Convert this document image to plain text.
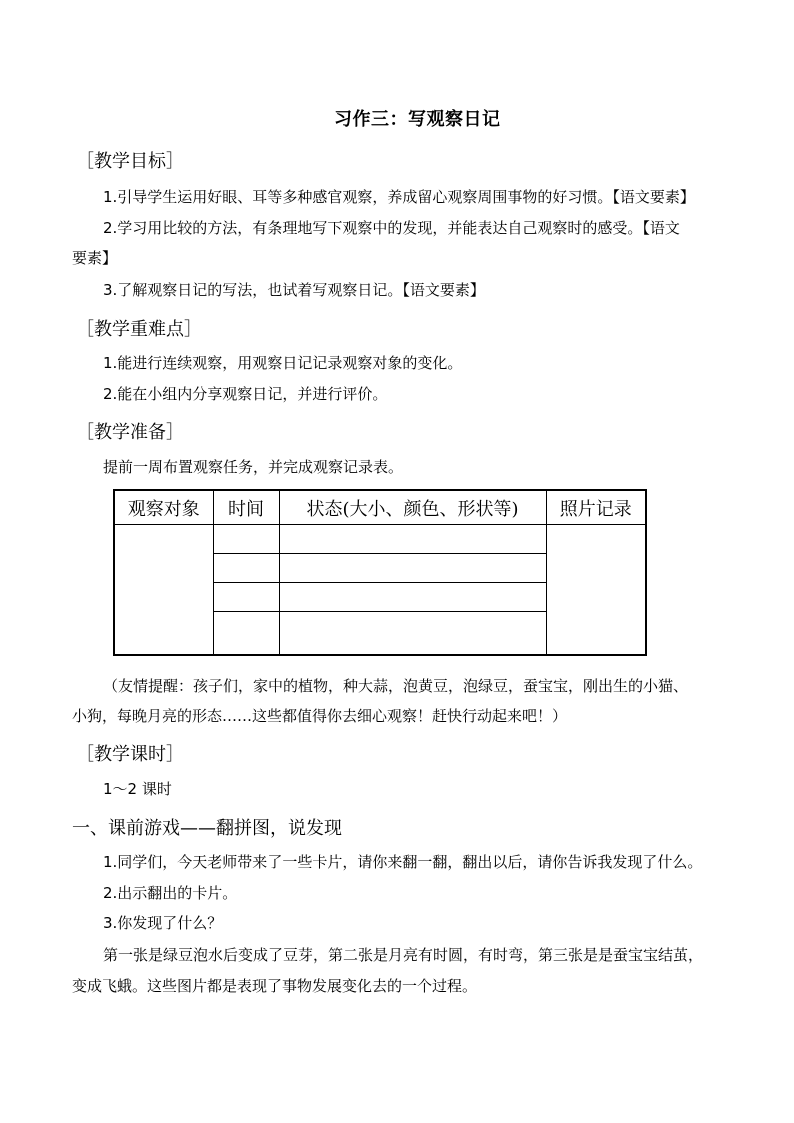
习作三：写观察日记
［教学目标］
1.引导学生运用好眼、耳等多种感官观察，养成留心观察周围事物的好习惯。【语文要素】
2.学习用比较的方法，有条理地写下观察中的发现，并能表达自己观察时的感受。【语文
要素】
3.了解观察日记的写法，也试着写观察日记。【语文要素】
［教学重难点］
1.能进行连续观察，用观察日记记录观察对象的变化。
2.能在小组内分享观察日记，并进行评价。
［教学准备］
提前一周布置观察任务，并完成观察记录表。
观察对象	时间	状态(大小、颜色、形状等)	照片记录

（友情提醒：孩子们，家中的植物，种大蒜，泡黄豆，泡绿豆，蚕宝宝，刚出生的小猫、
小狗，每晚月亮的形态……这些都值得你去细心观察！赶快行动起来吧！）
［教学课时］
1～2 课时
一、课前游戏——翻拼图，说发现
1.同学们，今天老师带来了一些卡片，请你来翻一翻，翻出以后，请你告诉我发现了什么。
2.出示翻出的卡片。
3.你发现了什么？
第一张是绿豆泡水后变成了豆芽，第二张是月亮有时圆，有时弯，第三张是是蚕宝宝结茧，
变成飞蛾。这些图片都是表现了事物发展变化去的一个过程。
